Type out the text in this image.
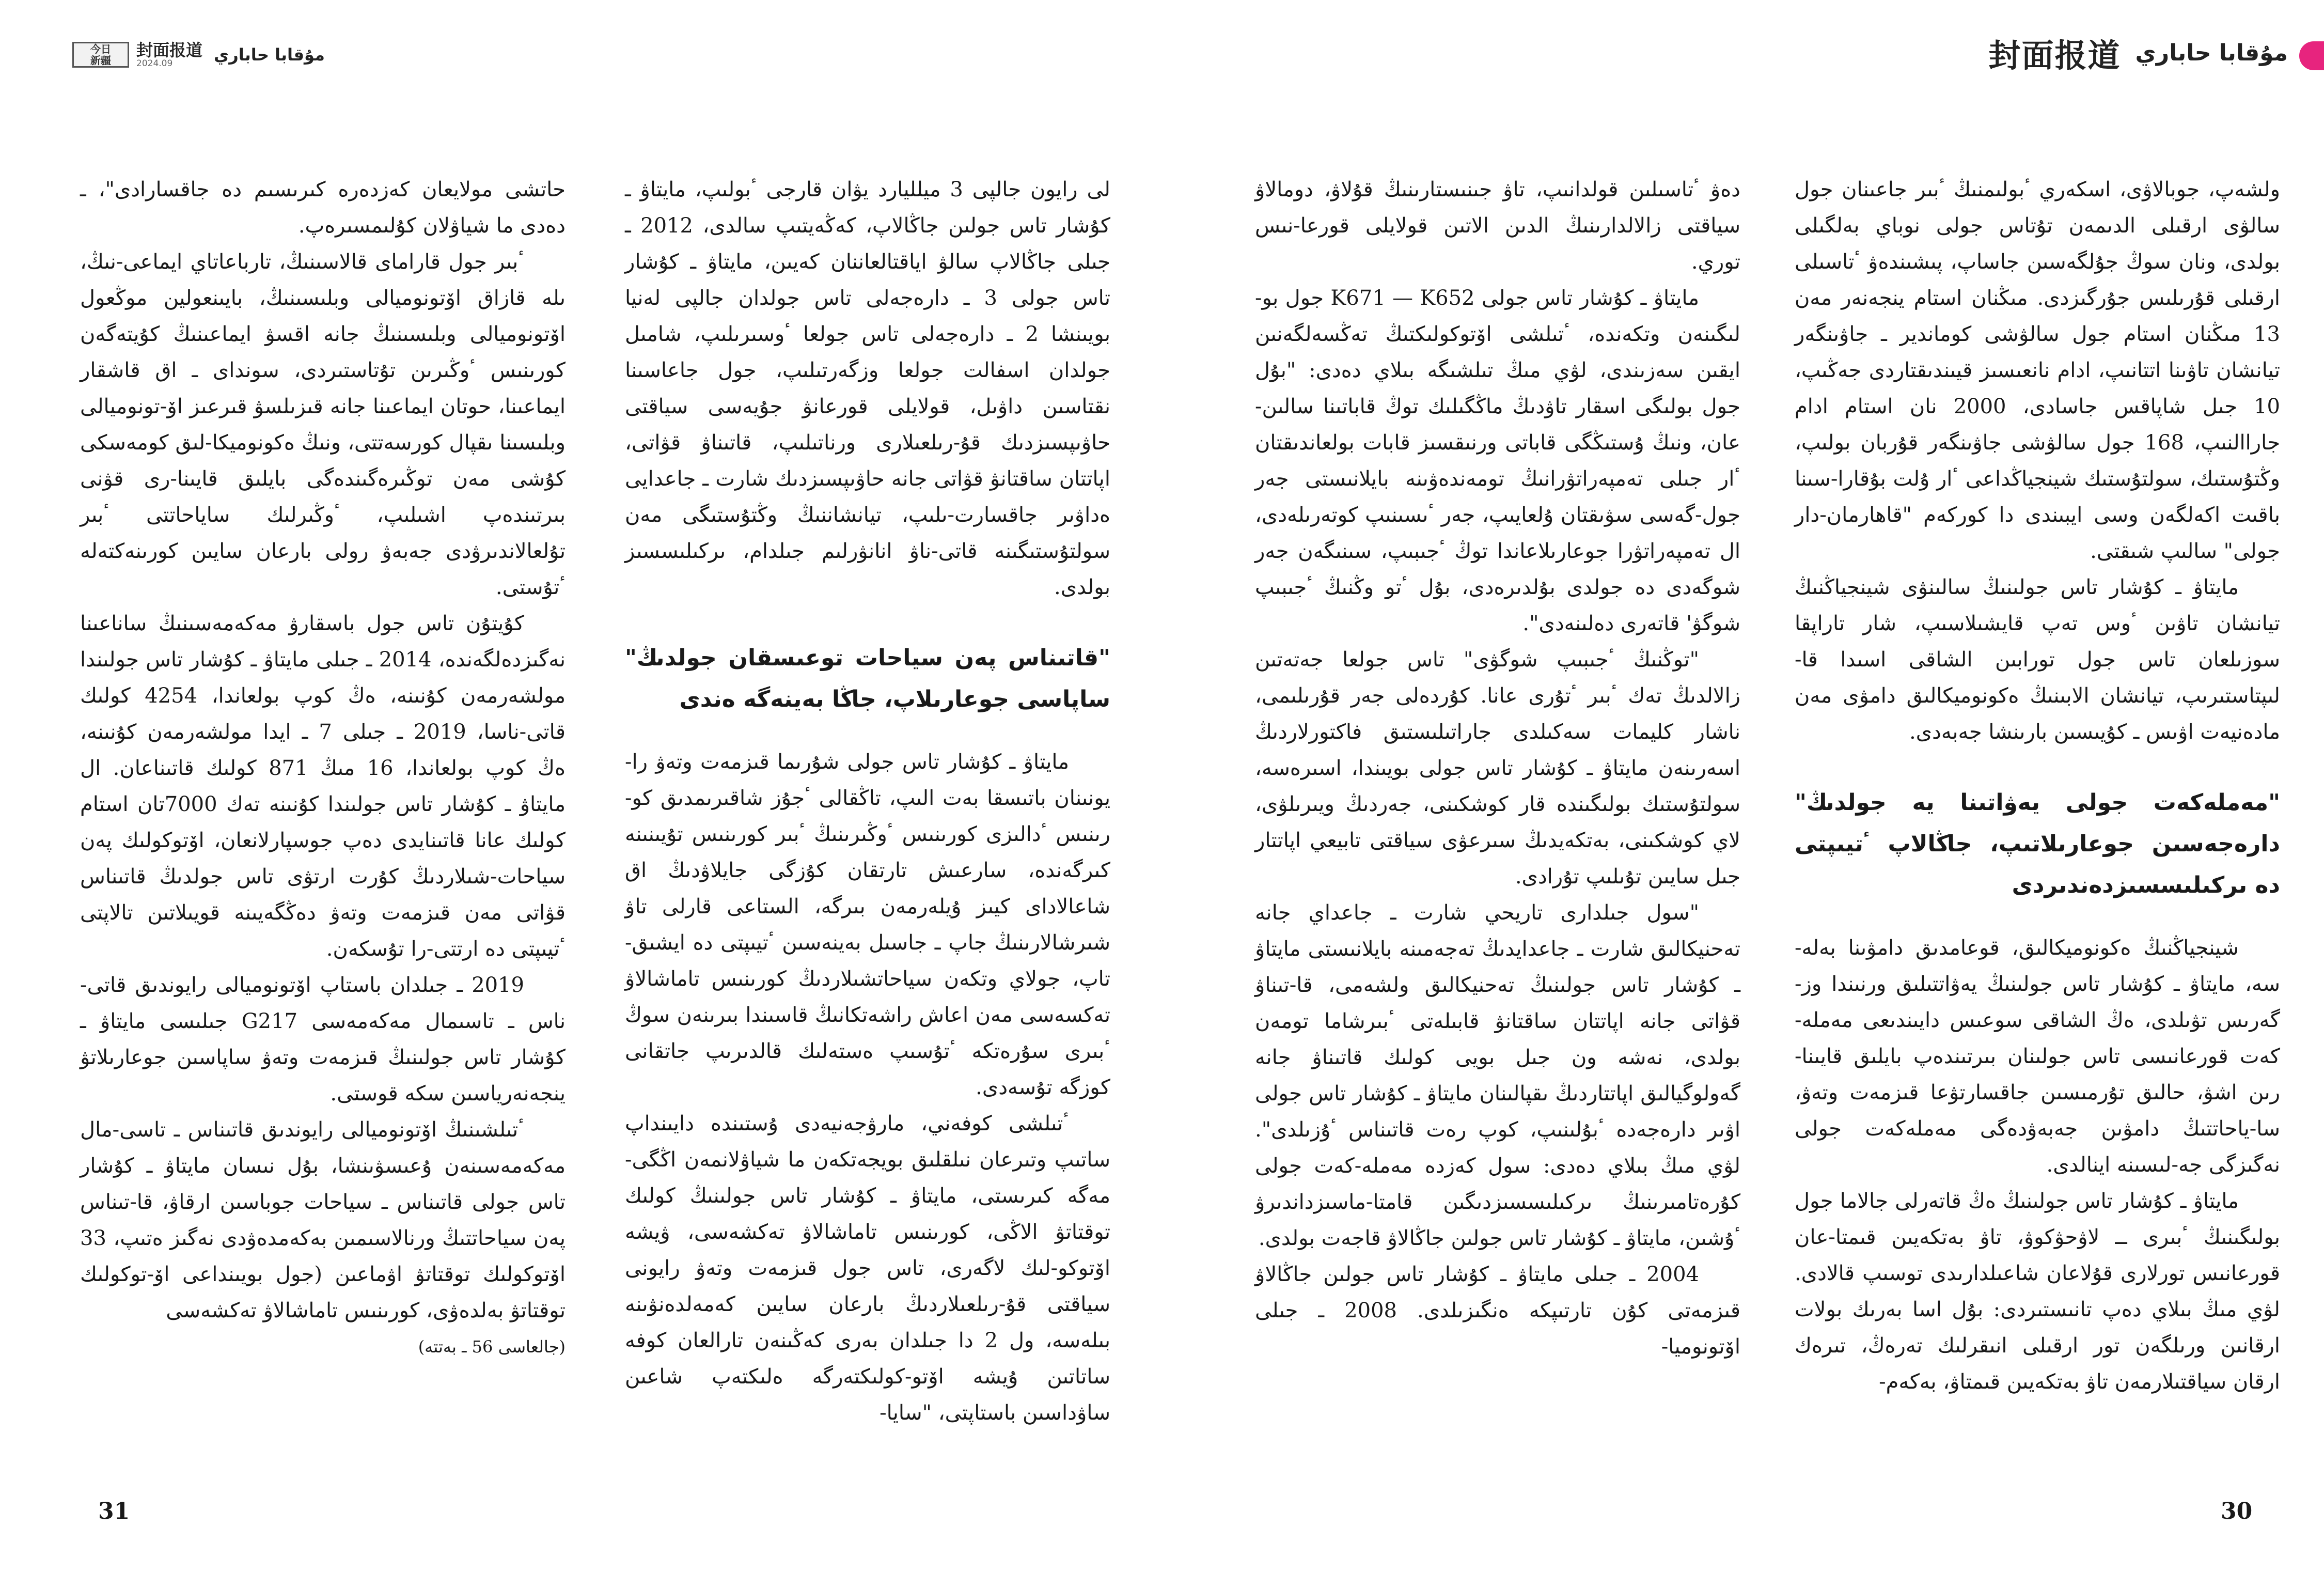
今日
新疆
封面报道
2024.09	مۇقابا حاباري

حاتشى مولايعان كەزدەرە كىرىسىم دە جاقسارادى"، ـ دەدى ما شياۋلان كۇلىمسىرەپ.

ٴبىر جول قارامای قالاسىنىڭ، تارباعاتاي ايماعى-نىڭ، ىلە قازاق اۆتونوميالى وبلىسىنىڭ، بايىنعولين موڭعول اۆتونوميالى وبلىسىنىڭ جانە اقسۋ ايماعىنىڭ كۇيتەگەن كورىنىس ٴوڭىرىن تۇتاستىردى، سوندای ـ اق قاشقار ايماعىنا، حوتان ايماعىنا جانە قىزىلسۋ قىرعىز اۆ-تونوميالى وبلىسىنا ىقپال كورسەتتى، ونىڭ ەكونوميكا-لىق كومەسكى كۇشى مەن توڭىرەگىندەگى بايلىق قايىنا-رى قۋنى بىرتىندەپ اشىلىپ، ٴوڭىرلىك ساياحاتتى ٴبىر تۇلعالاندىرۋدى جەبەۋ رولى بارعان سايىن كورىنەكتەلە ٴتۇستى.

كۇيتۇن تاس جول باسقارۋ مەكەمەسىنىڭ ساناعىنا نەگىزدەلگەندە، 2014 ـ جىلى مايتاۋ ـ كۇشار تاس جولىندا مولشەرمەن كۇنىنە، ەڭ كوپ بولعاندا، 4254 كولىك قاتى-ناسا، 2019 ـ جىلى 7 ـ ايدا مولشەرمەن كۇنىنە، ەڭ كوپ بولعاندا، 16 مىڭ 871 كولىك قاتىناعان. ال مايتاۋ ـ كۇشار تاس جولىندا كۇنىنە تەك 7000تان استام كولىك عانا قاتىنايدى دەپ جوسپارلانعان، اۆتوكولىك پەن سياحات-شىلاردىڭ كۇرت ارتۋى تاس جولدىڭ قاتىناس قۋاتى مەن قىزمەت وتەۋ دەڭگەيىنە قويىلاتىن تالاپتى ٴتيىپتى دە ارتتى-را تۇسكەن.

2019 ـ جىلدان باستاپ اۆتونوميالى رايوندىق قاتى-ناس ـ تاسىمال مەكەمەسى G217 جىلىسى مايتاۋ ـ كۇشار تاس جولىنىڭ قىزمەت وتەۋ ساپاسىن جوعارىلاتۋ ينجەنەرياسىن سكە قوستى.

ٴتىلشىنىڭ اۆتونوميالى رايوندىق قاتىناس ـ تاسى-مال مەكەمەسىنەن ۇعىسۋىنشا، بۇل نىسان مايتاۋ ـ كۇشار تاس جولى قاتىناس ـ سياحات جوباسىن ارقاۋ، قا-تىناس پەن سياحاتتىڭ ورنالاسىمىن بەكەمدەۋدى نەگىز ەتىپ، 33 اۆتوكولىك توقتاتۋ اۋماعىن (جول بويىنداعى اۆ-توكولىك توقتاتۋ بەلدەۋى، كورىنىس تاماشالاۋ تەكشەسى

(جالعاسى 56 ـ بەتتە)

لى رايون جالپى 3 ميلليارد يۋان قارجى ٴبولىپ، مايتاۋ ـ كۇشار تاس جولىن جاڭالاپ، كەڭەيتىپ سالدى، 2012 ـ جىلى جاڭالاپ سالۋ اياقتالعاننان كەيىن، مايتاۋ ـ كۇشار تاس جولى 3 ـ دارەجەلى تاس جولدان جالپى لەنيا بويىنشا 2 ـ دارەجەلى تاس جولعا ٴوسىرىلىپ، شامىل جولدان اسفالت جولعا وزگەرتىلىپ، جول جاعاسىنا نقتاسىن داۋىل، قولايلى قورعانۋ جۇيەسى سياقتى حاۋىپسىزدىك قۇ-رىلعىلارى ورناتىلىپ، قاتىناۋ قۋاتى، اپاتتان ساقتانۋ قۋاتى جانە حاۋىپسىزدىك شارت ـ جاعدايى ەداۋىر جاقسارت-ىلىپ، تيانشاننىڭ وڭتۇستىگى مەن سولتۇستىگىنە قاتى-ناۋ انانۋرلىم جىلدام، ىركىلىسسىز بولدى.

"قاتىناس پەن سياحات توعىسقان جولدىڭ" ساپاسى جوعارىلاپ، جاڭا بەينەگە ەندى

مايتاۋ ـ كۇشار تاس جولى شۇرىما قىزمەت وتەۋ را-يونىنان باتىسقا بەت الىپ، تاڭقالى ٴجۇز شاقىرىمدىق كو-رىنىس ٴدالىزى كورىنىس ٴوڭىرىنىڭ ٴبىر كورىنىس تۇيىنىنە كىرگەندە، سارعىش تارتقان كۇزگى جايلاۋدىڭ اق شاعالادای كيىز ۇيلەرمەن بىرگە، الستاعى قارلى تاۋ شىرشالارىنىڭ جاپ ـ جاسىل بەينەسىن ٴتيىپتى دە ايشىق-تاپ، جولاي وتكەن سياحاتشىلاردىڭ كورىنىس تاماشالاۋ تەكسەسى مەن اعاش راشەتكانىڭ قاسىندا بىرىنەن سوڭ ٴبىرى سۇرەتكە ٴتۇسىپ ەستەلىك قالدىرىپ جاتقانى كوزگە تۇسەدى.

ٴتىلشى كوفەني، مارۋجەنيەدى ۇستىندە دايىنداپ ساتىپ وتىرعان نىلقلىق بويجەتكەن ما شياۋلانمەن اڭگى-مەگە كىرىستى، مايتاۋ ـ كۇشار تاس جولىنىڭ كولىك توقتاتۋ الاڭى، كورىنىس تاماشالاۋ تەكشەسى، ۋيشە اۆتوكو-لىك لاگەرى، تاس جول قىزمەت وتەۋ رايونى سياقتى قۇ-رىلعىلاردىڭ بارعان سايىن كەمەلدەنۋىنە بىلەسە، ول 2 دا جىلدان بەرى كەڭىنەن تارالعان كوفە ساتاتىن ۇيشە اۆتو-كولىكتەرگە ەلىكتەپ شاعىن ساۋداسىن باستاپتى، "سايا-

31

دەۋ ٴتاسىلىن قولدانىپ، تاۋ جىنىستارىنىڭ قۇلاۋ، دومالاۋ سياقتى زالالدارىنىڭ الدىن الاتىن قولايلى قورعا-نىس توري.

مايتاۋ ـ كۇشار تاس جولى K671 — K652 جول بو-لىگىنەن وتكەندە، ٴتىلشى اۆتوكولىكتىڭ تەڭسەلگەنىن ايقىن سەزىندى، لۋي مىڭ تىلشىگە بىلاي دەدى: "بۇل جول بولىگى اسقار تاۋدىڭ ماڭگىلىك توڭ قاباتىنا سالىن-عان، ونىڭ ۇستىڭگى قاباتى ورنىقسىز قابات بولعاندىقتان ٴار جىلى تەمپەراتۋرانىڭ تومەندەۋىنە بايلانىستى جەر جول-گەسى سۋىقتان ۇلعايىپ، جەر ٴىسىنىپ كوتەرىلەدى، ال تەمپەراتۋرا جوعارىلاعاندا توڭ ٴجىبىپ، سىنىگەن جەر شوگەدى دە جولدى بۇلدىرەدى، بۇل ٴتو وڭنىڭ ٴجىبىپ شوگۋ' قاتەرى دەلىنەدى".

"توڭنىڭ ٴجىبىپ شوگۋى" تاس جولعا جەتەتىن زالالدىڭ تەك ٴبىر ٴتۇرى عانا. كۇردەلى جەر قۇرىلىمى، ناشار كليمات سەكىلدى جاراتىلىستىق فاكتورلاردىڭ اسەرىنەن مايتاۋ ـ كۇشار تاس جولى بويىندا، اسىرەسە، سولتۇستىك بولىگىندە قار كوشكىنى، جەردىڭ ويىرىلۋى، لاي كوشكىنى، بەتكەيدىڭ سىرعۋى سياقتى تابيعي اپاتتار جىل سايىن تۇىلىپ تۇرادى.

"سول جىلدارى تاريحي شارت ـ جاعداي جانە تەحنيكالىق شارت ـ جاعدايدىڭ تەجەمىنە بايلانىستى مايتاۋ ـ كۇشار تاس جولىنىڭ تەحنيكالىق ولشەمى، قا-تىناۋ قۋاتى جانە اپاتتان ساقتانۋ قابىلەتى ٴبىرشاما تومەن بولدى، نەشە ون جىل بويى كولىك قاتىناۋ جانە گەولوگيالىق اپاتتاردىڭ ىقپالىنان مايتاۋ ـ كۇشار تاس جولى اۋىر دارەجەدە ٴبۇلىنىپ، كوپ رەت قاتىناس ٴۇزىلدى". لۋي مىڭ بىلاي دەدى: سول كەزدە مەملە-كەت جولى كۇرەتامىرىنىڭ ىركىلىسسىزدىگىن قامتا-ماسىزداندىرۋ ٴۇشىن، مايتاۋ ـ كۇشار تاس جولىن جاڭالاۋ قاجەت بولدى.

2004 ـ جىلى مايتاۋ ـ كۇشار تاس جولىن جاڭالاۋ قىزمەتى كۇن تارتىپكە ەنگىزىلدى. 2008 ـ جىلى اۆتونوميا-

ولشەپ، جوبالاۋى، اسكەري ٴبولىمنىڭ ٴبىر جاعىنان جول سالۋى ارقىلى الدىمەن تۇتاس جولى نوباي بەلگىلى بولدى، ونان سوڭ جۇلگەسىن جاساپ، پىشىندەۋ ٴتاسىلى ارقىلى قۇرىلىس جۇرگىزدى. مىڭنان استام ينجەنەر مەن 13 مىڭنان استام جول سالۋشى كوماندير ـ جاۋىنگەر تيانشان تاۋىنا اتتانىپ، ادام نانعىسىز قيىندىقتاردى جەڭىپ، 10 جىل شاپاقس جاسادى، 2000 نان استام ادام جاراالنىپ، 168 جول سالۋشى جاۋىنگەر قۇربان بولىپ، وڭتۇستىك، سولتۇستىك شينجياڭداعى ٴار ۇلت بۇقارا-سىنا باقىت اكەلگەن وسى ايبىندى دا كوركەم "قاهارمان-دار جولى" سالىپ شىقتى.

مايتاۋ ـ كۇشار تاس جولىنىڭ سالىنۋى شينجياڭنىڭ تيانشان تاۋىن ٴوس تەپ قايشىلاسىپ، شار تاراپقا سوزىلعان تاس جول تورابىن الشاقى اسىدا قا-لىپتاستىرىپ، تيانشان الابىنىڭ ەكونوميكالىق دامۋى مەن مادەنيەت اۋىس ـ كۇيىسىن بارىنشا جەبەدى.

"مەملەكەت جولى يەۋاتىنا يە جولدىڭ" دارەجەسىن جوعارىلاتىپ، جاڭالاپ ٴتيىپتى دە ىركىلىسسىزدەندىردى

شينجياڭنىڭ ەكونوميكالىق، قوعامدىق دامۋىنا بەلە-سە، مايتاۋ ـ كۇشار تاس جولىنىڭ يەۋاتتىلىق ورنىندا وز-گەرىس تۋىلدى، ەڭ الشاقى سوعىس دايىندىعى مەملە-كەت قورعانىسى تاس جولىنان بىرتىندەپ بايلىق قايىنا-رىن اشۋ، حالىق تۇرمىسىن جاقسارتۋعا قىزمەت وتەۋ، سا-ياحاتتىڭ دامۋىن جەبەۋدەگى مەملەكەت جولى نەگىزگى جە-لىسىنە اينالدى.

مايتاۋ ـ كۇشار تاس جولىنىڭ ەڭ قاتەرلى جالاما جول بولىگىنىڭ ٴبىرى ــ لاۋحۋكوۋ، تاۋ بەتكەيىن قىمتا-عان قورعانىس تورلارى قۇلاعان شاعىلدارىدى توسىپ قالادى. لۋي مىڭ بىلاي دەپ تانىستىردى: بۇل اسا بەرىك بولات ارقانىن ورىلگەن تور ارقىلى انىقرلىك تەرەڭ، تىرەك ارقان سياقتىلارمەن تاۋ بەتكەيىن قىمتاۋ، بەكەم-

30
封面报道 مۇقابا حاباري
